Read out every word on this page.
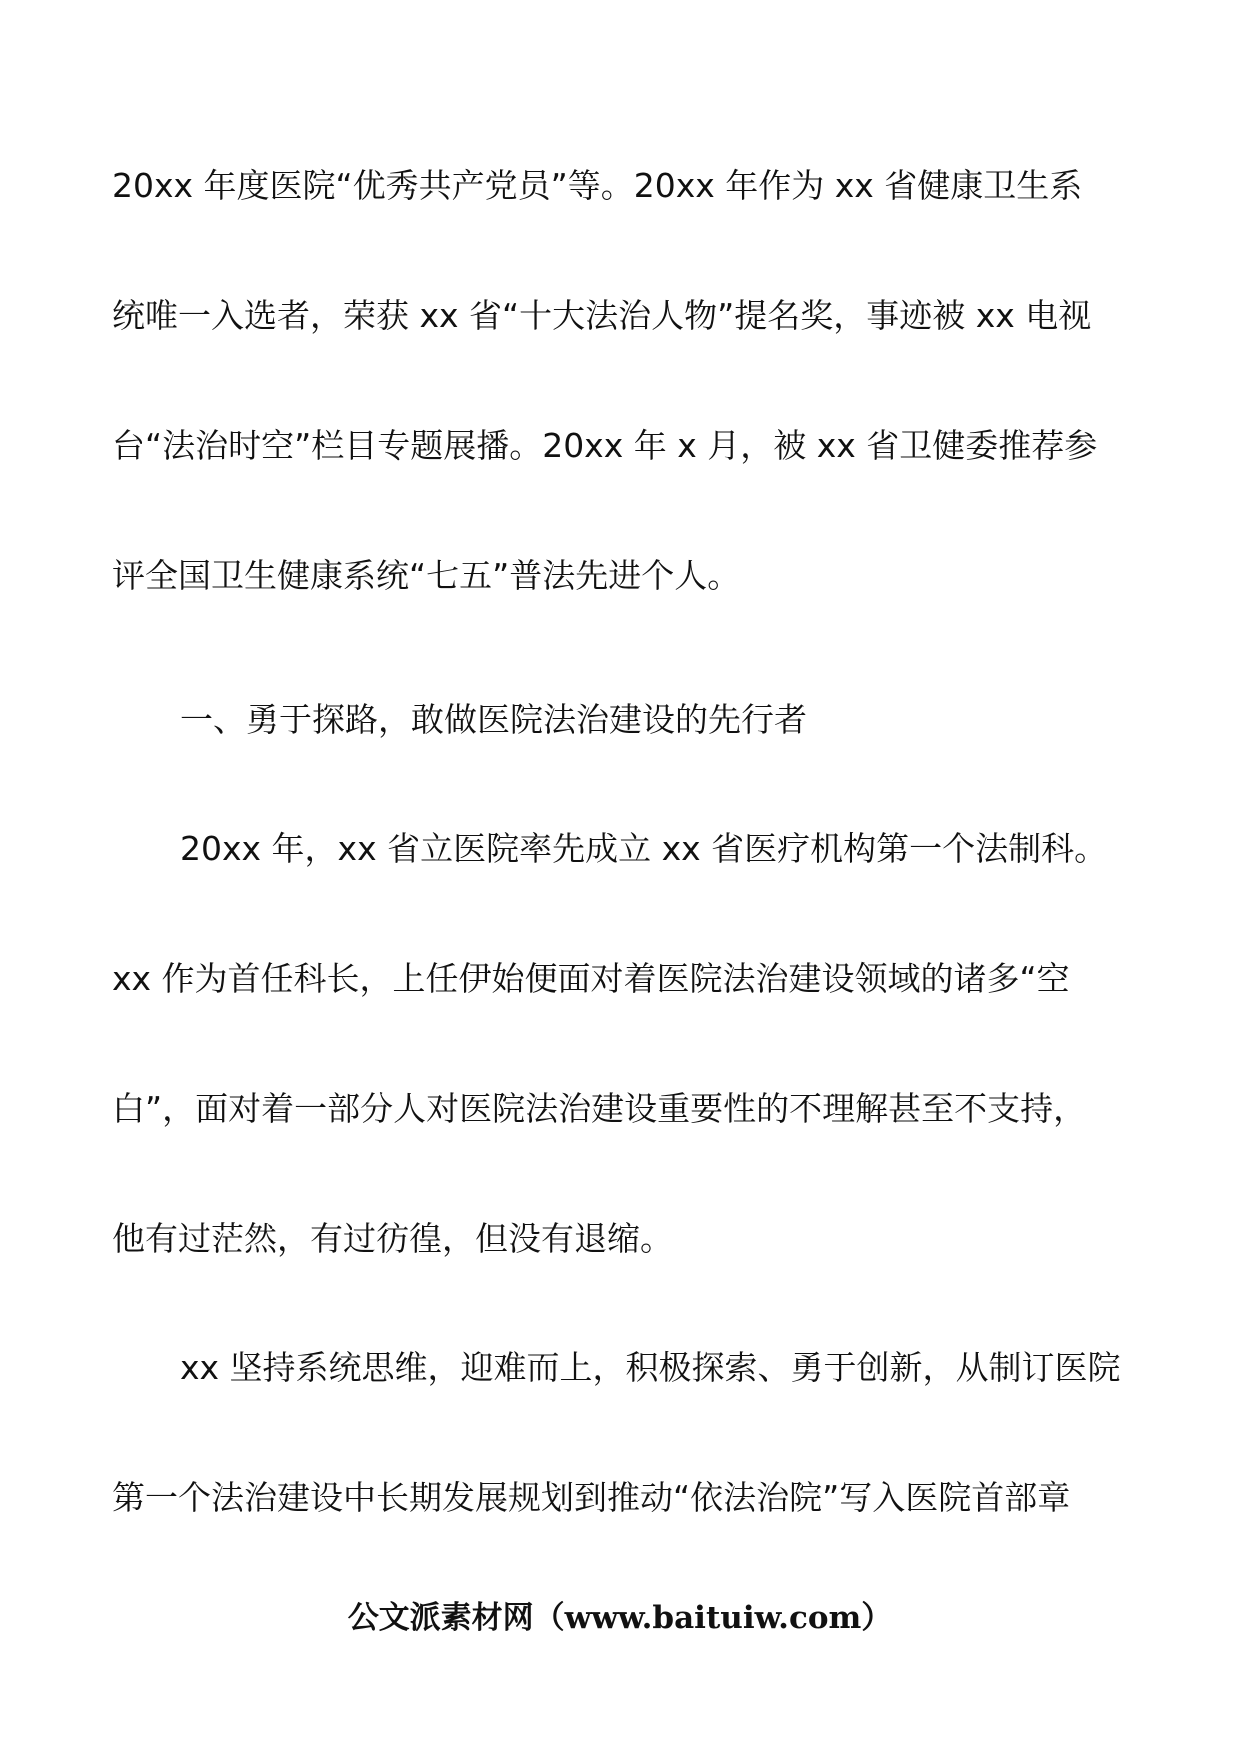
20xx 年度医院“优秀共产党员”等。20xx 年作为 xx 省健康卫生系
统唯一入选者，荣获 xx 省“十大法治人物”提名奖，事迹被 xx 电视
台“法治时空”栏目专题展播。20xx 年 x 月，被 xx 省卫健委推荐参
评全国卫生健康系统“七五”普法先进个人。
一、勇于探路，敢做医院法治建设的先行者
20xx 年，xx 省立医院率先成立 xx 省医疗机构第一个法制科。
xx 作为首任科长，上任伊始便面对着医院法治建设领域的诸多“空
白”，面对着一部分人对医院法治建设重要性的不理解甚至不支持，
他有过茫然，有过彷徨，但没有退缩。
xx 坚持系统思维，迎难而上，积极探索、勇于创新，从制订医院
第一个法治建设中长期发展规划到推动“依法治院”写入医院首部章
公文派素材网（www.baituiw.com）
